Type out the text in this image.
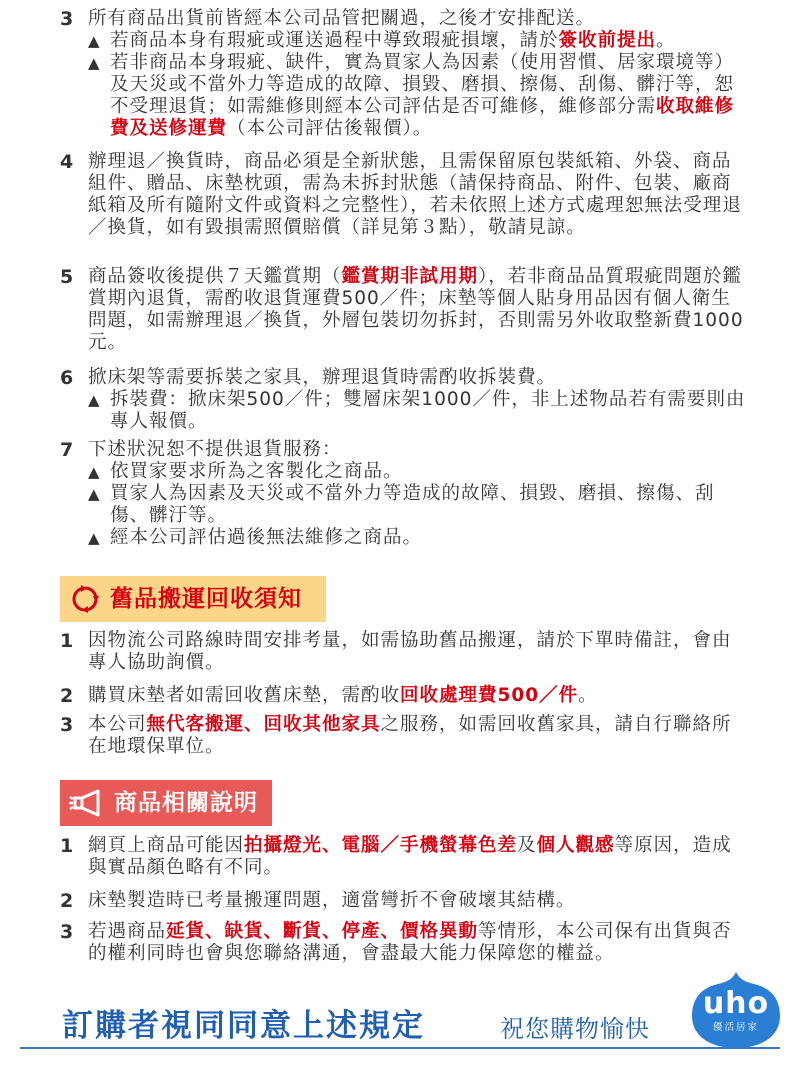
3 所有商品出貨前皆經本公司品管把關過，之後才安排配送。
▲ 若商品本身有瑕疵或運送過程中導致瑕疵損壞，請於簽收前提出。
▲ 若非商品本身瑕疵、缺件，實為買家人為因素（使用習慣、居家環境等）及天災或不當外力等造成的故障、損毀、磨損、擦傷、刮傷、髒汙等，恕不受理退貨；如需維修則經本公司評估是否可維修，維修部分需收取維修費及送修運費（本公司評估後報價）。
4 辦理退／換貨時，商品必須是全新狀態，且需保留原包裝紙箱、外袋、商品組件、贈品、床墊枕頭，需為未拆封狀態（請保持商品、附件、包裝、廠商紙箱及所有隨附文件或資料之完整性），若未依照上述方式處理恕無法受理退／換貨，如有毀損需照價賠償（詳見第３點），敬請見諒。
5 商品簽收後提供７天鑑賞期（鑑賞期非試用期），若非商品品質瑕疵問題於鑑賞期內退貨，需酌收退貨運費500／件；床墊等個人貼身用品因有個人衛生問題，如需辦理退／換貨，外層包裝切勿拆封，否則需另外收取整新費1000元。
6 掀床架等需要拆裝之家具，辦理退貨時需酌收拆裝費。
▲ 拆裝費：掀床架500／件；雙層床架1000／件，非上述物品若有需要則由專人報價。
7 下述狀況恕不提供退貨服務：
▲ 依買家要求所為之客製化之商品。
▲ 買家人為因素及天災或不當外力等造成的故障、損毀、磨損、擦傷、刮傷、髒汙等。
▲ 經本公司評估過後無法維修之商品。
舊品搬運回收須知
1 因物流公司路線時間安排考量，如需協助舊品搬運，請於下單時備註，會由專人協助詢價。
2 購買床墊者如需回收舊床墊，需酌收回收處理費500／件。
3 本公司無代客搬運、回收其他家具之服務，如需回收舊家具，請自行聯絡所在地環保單位。
商品相關說明
1 網頁上商品可能因拍攝燈光、電腦／手機螢幕色差及個人觀感等原因，造成與實品顏色略有不同。
2 床墊製造時已考量搬運問題，適當彎折不會破壞其結構。
3 若遇商品延貨、缺貨、斷貨、停產、價格異動等情形，本公司保有出貨與否的權利同時也會與您聯絡溝通，會盡最大能力保障您的權益。
訂購者視同同意上述規定	祝您購物愉快
uho
優活居家
